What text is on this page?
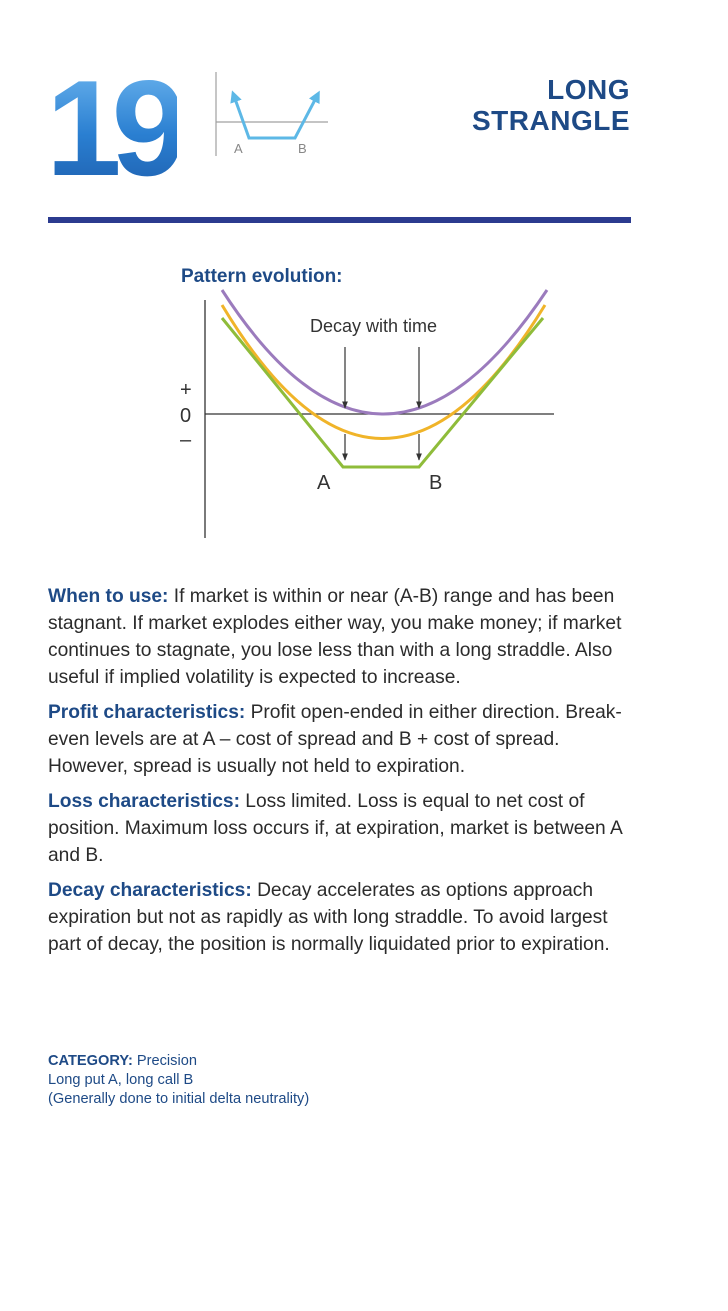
19	A	B
LONG
STRANGLE
Pattern evolution:
Decay with time
+
0
–
A	B

When to use: If market is within or near (A-B) range and has been stagnant. If market explodes either way, you make money; if market continues to stagnate, you lose less than with a long straddle. Also useful if implied volatility is expected to increase.

Profit characteristics: Profit open-ended in either direction. Break-even levels are at A – cost of spread and B + cost of spread. However, spread is usually not held to expiration.

Loss characteristics: Loss limited. Loss is equal to net cost of position. Maximum loss occurs if, at expiration, market is between A and B.

Decay characteristics: Decay accelerates as options approach expiration but not as rapidly as with long straddle. To avoid largest part of decay, the position is normally liquidated prior to expiration.

CATEGORY: Precision
Long put A, long call B
(Generally done to initial delta neutrality)
